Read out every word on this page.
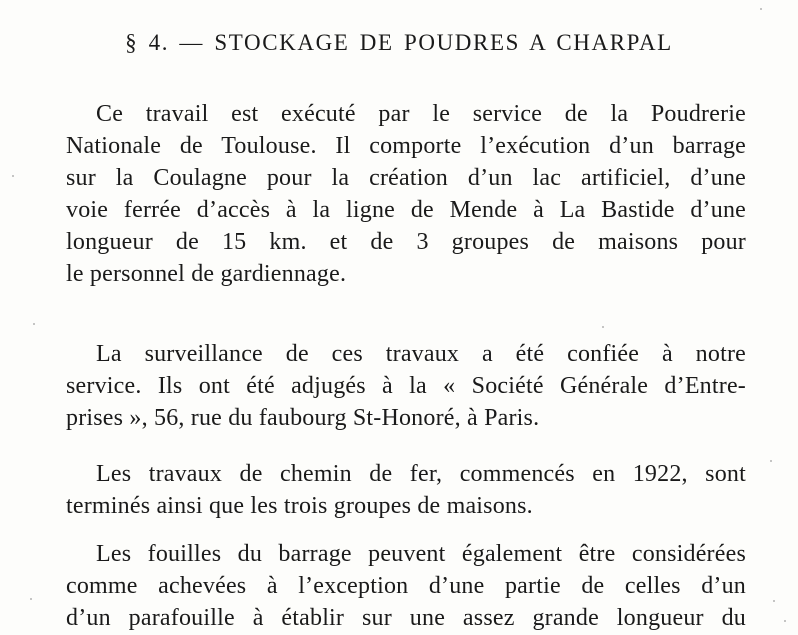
§ 4. — STOCKAGE DE POUDRES A CHARPAL
Ce travail est exécuté par le service de la Poudrerie
Nationale de Toulouse. Il comporte l’exécution d’un barrage
sur la Coulagne pour la création d’un lac artificiel, d’une
voie ferrée d’accès à la ligne de Mende à La Bastide d’une
longueur de 15 km. et de 3 groupes de maisons pour
le personnel de gardiennage.
La surveillance de ces travaux a été confiée à notre
service. Ils ont été adjugés à la « Société Générale d’Entre-
prises », 56, rue du faubourg St-Honoré, à Paris.
Les travaux de chemin de fer, commencés en 1922, sont
terminés ainsi que les trois groupes de maisons.
Les fouilles du barrage peuvent également être considérées
comme achevées à l’exception d’une partie de celles d’un
d’un parafouille à établir sur une assez grande longueur du
